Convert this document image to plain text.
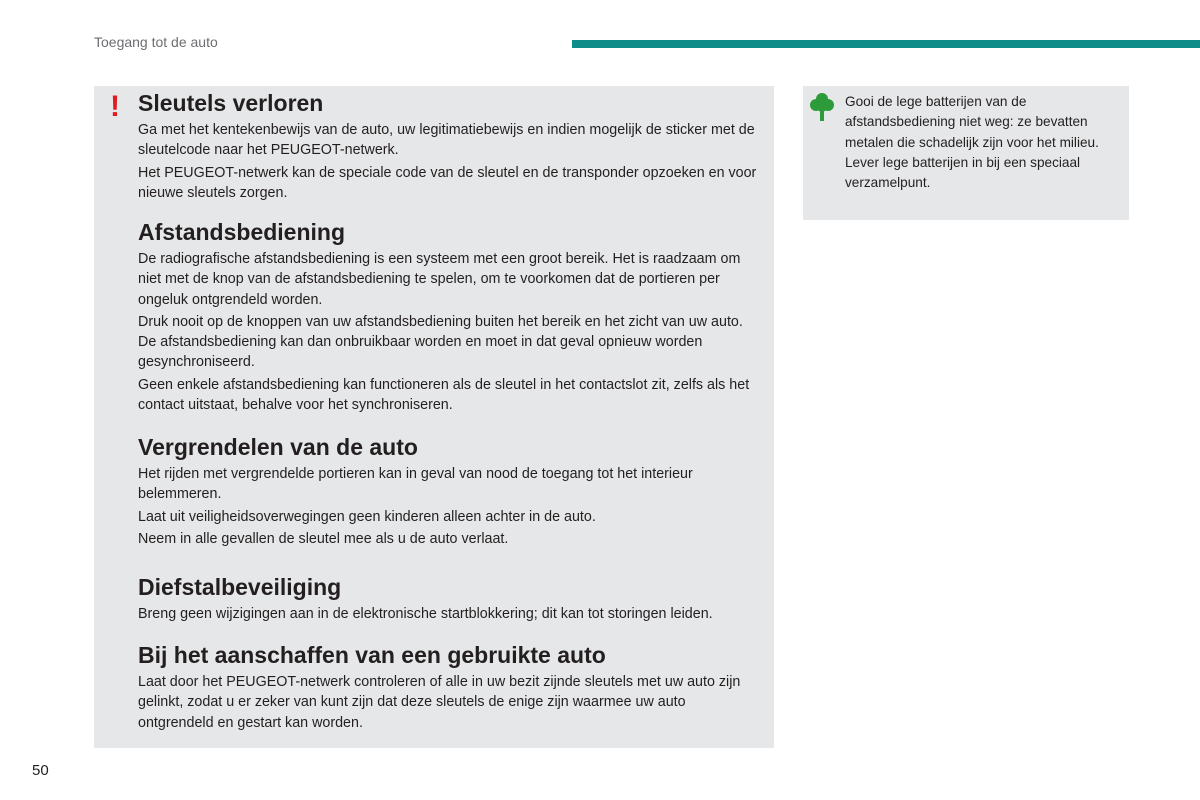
Toegang tot de auto
! Sleutels verloren

Ga met het kentekenbewijs van de auto, uw legitimatiebewijs en indien mogelijk de sticker met de sleutelcode naar het PEUGEOT-netwerk.

Het PEUGEOT-netwerk kan de speciale code van de sleutel en de transponder opzoeken en voor nieuwe sleutels zorgen.

Afstandsbediening

De radiografische afstandsbediening is een systeem met een groot bereik. Het is raadzaam om niet met de knop van de afstandsbediening te spelen, om te voorkomen dat de portieren per ongeluk ontgrendeld worden.

Druk nooit op de knoppen van uw afstandsbediening buiten het bereik en het zicht van uw auto. De afstandsbediening kan dan onbruikbaar worden en moet in dat geval opnieuw worden gesynchroniseerd.

Geen enkele afstandsbediening kan functioneren als de sleutel in het contactslot zit, zelfs als het contact uitstaat, behalve voor het synchroniseren.

Vergrendelen van de auto

Het rijden met vergrendelde portieren kan in geval van nood de toegang tot het interieur belemmeren.

Laat uit veiligheidsoverwegingen geen kinderen alleen achter in de auto.

Neem in alle gevallen de sleutel mee als u de auto verlaat.

Diefstalbeveiliging

Breng geen wijzigingen aan in de elektronische startblokkering; dit kan tot storingen leiden.

Bij het aanschaffen van een gebruikte auto

Laat door het PEUGEOT-netwerk controleren of alle in uw bezit zijnde sleutels met uw auto zijn gelinkt, zodat u er zeker van kunt zijn dat deze sleutels de enige zijn waarmee uw auto ontgrendeld en gestart kan worden.

Gooi de lege batterijen van de afstandsbediening niet weg: ze bevatten metalen die schadelijk zijn voor het milieu. Lever lege batterijen in bij een speciaal verzamelpunt.

50
